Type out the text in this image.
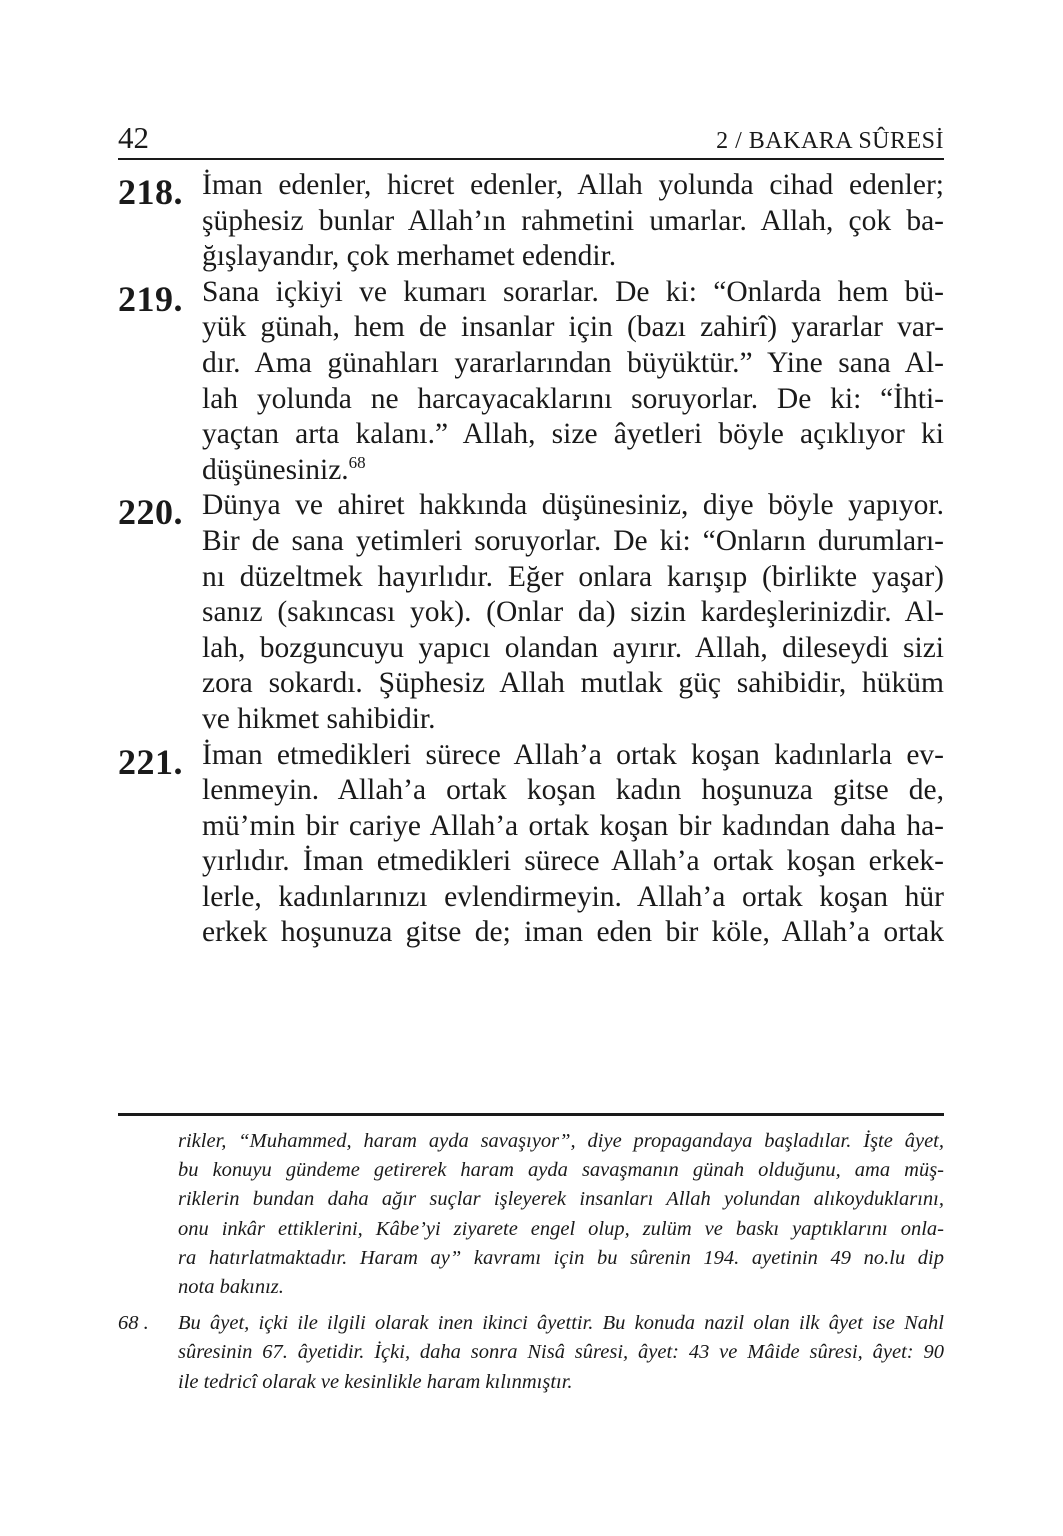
42	2 / BAKARA SÛRESİ
218. İman edenler, hicret edenler, Allah yolunda cihad edenler;
şüphesiz bunlar Allah’ın rahmetini umarlar. Allah, çok ba-
ğışlayandır, çok merhamet edendir.
219. Sana içkiyi ve kumarı sorarlar. De ki: “Onlarda hem bü-
yük günah, hem de insanlar için (bazı zahirî) yararlar var-
dır. Ama günahları yararlarından büyüktür.” Yine sana Al-
lah yolunda ne harcayacaklarını soruyorlar. De ki: “İhti-
yaçtan arta kalanı.” Allah, size âyetleri böyle açıklıyor ki
düşünesiniz.$^{68}$
220. Dünya ve ahiret hakkında düşünesiniz, diye böyle yapıyor.
Bir de sana yetimleri soruyorlar. De ki: “Onların durumları-
nı düzeltmek hayırlıdır. Eğer onlara karışıp (birlikte yaşar)
sanız (sakıncası yok). (Onlar da) sizin kardeşlerinizdir. Al-
lah, bozguncuyu yapıcı olandan ayırır. Allah, dileseydi sizi
zora sokardı. Şüphesiz Allah mutlak güç sahibidir, hüküm
ve hikmet sahibidir.
221. İman etmedikleri sürece Allah’a ortak koşan kadınlarla ev-
lenmeyin. Allah’a ortak koşan kadın hoşunuza gitse de,
mü’min bir cariye Allah’a ortak koşan bir kadından daha ha-
yırlıdır. İman etmedikleri sürece Allah’a ortak koşan erkek-
lerle, kadınlarınızı evlendirmeyin. Allah’a ortak koşan hür
erkek hoşunuza gitse de; iman eden bir köle, Allah’a ortak
rikler, “Muhammed, haram ayda savaşıyor”, diye propagandaya başladılar. İşte âyet,
bu konuyu gündeme getirerek haram ayda savaşmanın günah olduğunu, ama müş-
riklerin bundan daha ağır suçlar işleyerek insanları Allah yolundan alıkoyduklarını,
onu inkâr ettiklerini, Kâbe’yi ziyarete engel olup, zulüm ve baskı yaptıklarını onla-
ra hatırlatmaktadır. Haram ay” kavramı için bu sûrenin 194. ayetinin 49 no.lu dip
nota bakınız.
68 .	Bu âyet, içki ile ilgili olarak inen ikinci âyettir. Bu konuda nazil olan ilk âyet ise Nahl
sûresinin 67. âyetidir. İçki, daha sonra Nisâ sûresi, âyet: 43 ve Mâide sûresi, âyet: 90
ile tedricî olarak ve kesinlikle haram kılınmıştır.
